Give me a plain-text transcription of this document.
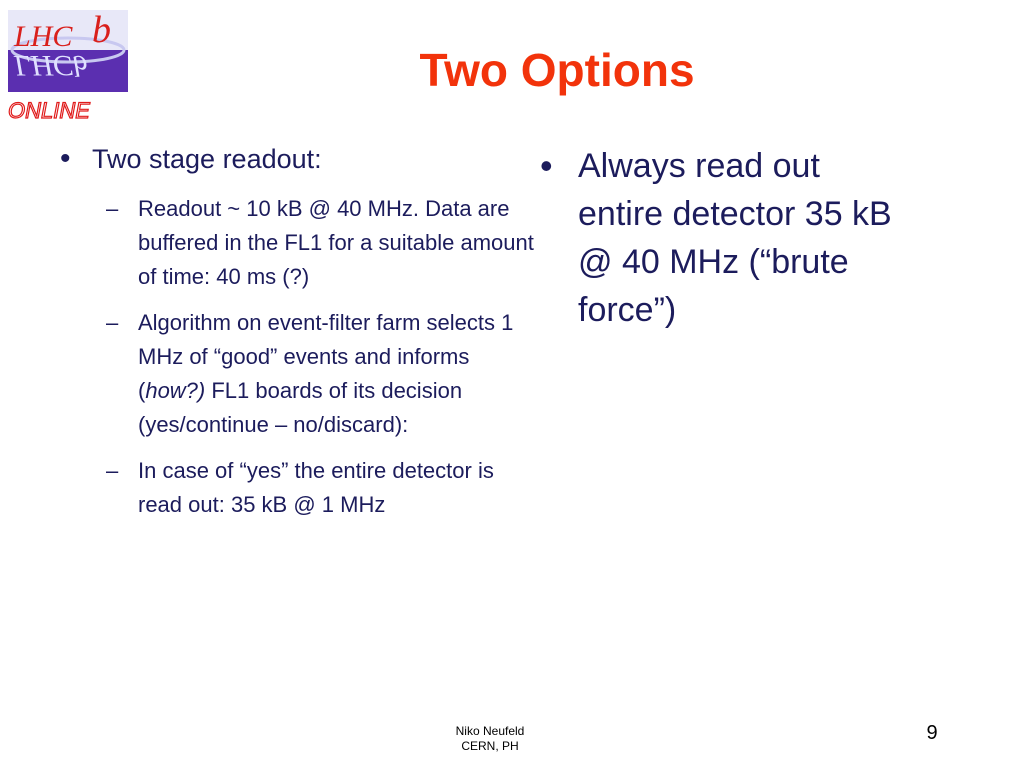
LHC b
LHCb
ONLINE
Two Options
• Two stage readout:
– Readout ~ 10 kB @ 40 MHz. Data are buffered in the FL1 for a suitable amount of time: 40 ms (?)
– Algorithm on event-filter farm selects 1 MHz of “good” events and informs (how?) FL1 boards of its decision (yes/continue – no/discard):
– In case of “yes” the entire detector is read out: 35 kB @ 1 MHz
• Always read out entire detector 35 kB @ 40 MHz (“brute force”)
Niko Neufeld
CERN, PH
9
